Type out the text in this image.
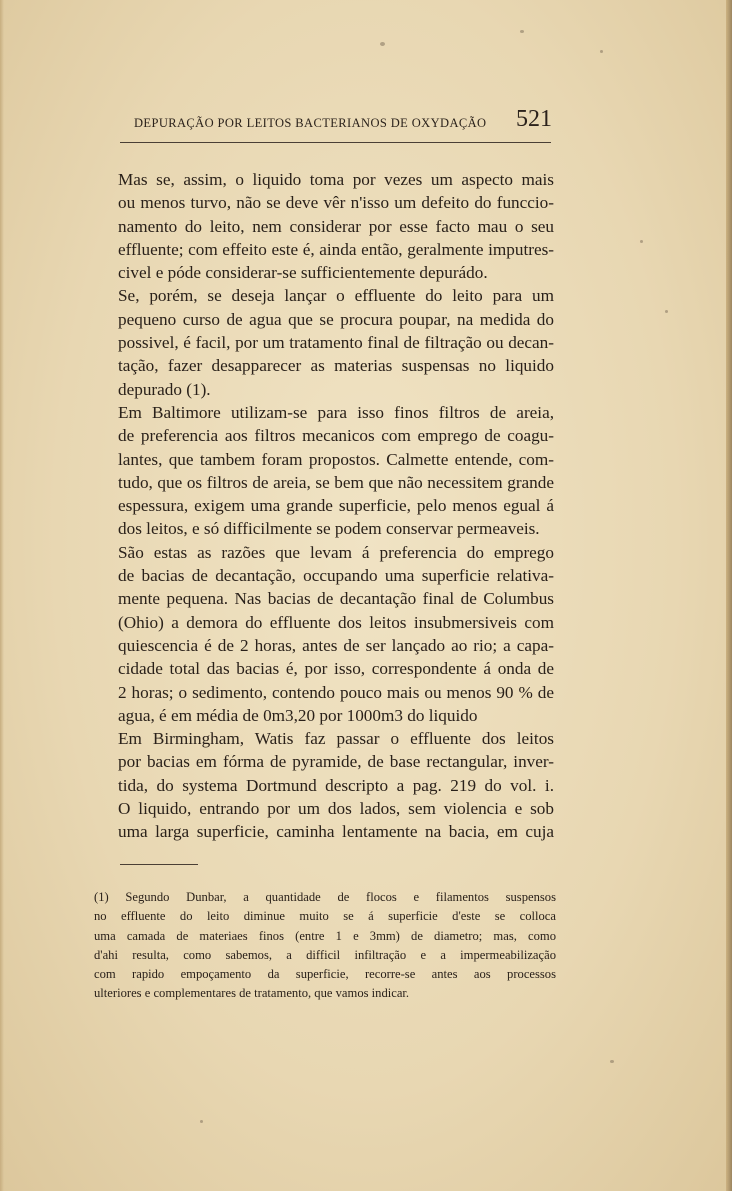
DEPURAÇÃO POR LEITOS BACTERIANOS DE OXYDAÇÃO 521
Mas se, assim, o liquido toma por vezes um aspecto mais
ou menos turvo, não se deve vêr n'isso um defeito do funccio-
namento do leito, nem considerar por esse facto mau o seu
effluente; com effeito este é, ainda então, geralmente imputres-
civel e póde considerar-se sufficientemente depurádo.
Se, porém, se deseja lançar o effluente do leito para um
pequeno curso de agua que se procura poupar, na medida do
possivel, é facil, por um tratamento final de filtração ou decan-
tação, fazer desapparecer as materias suspensas no liquido
depurado (1).
Em Baltimore utilizam-se para isso finos filtros de areia,
de preferencia aos filtros mecanicos com emprego de coagu-
lantes, que tambem foram propostos. Calmette entende, com-
tudo, que os filtros de areia, se bem que não necessitem grande
espessura, exigem uma grande superficie, pelo menos egual á
dos leitos, e só difficilmente se podem conservar permeaveis.
São estas as razões que levam á preferencia do emprego
de bacias de decantação, occupando uma superficie relativa-
mente pequena. Nas bacias de decantação final de Columbus
(Ohio) a demora do effluente dos leitos insubmersiveis com
quiescencia é de 2 horas, antes de ser lançado ao rio; a capa-
cidade total das bacias é, por isso, correspondente á onda de
2 horas; o sedimento, contendo pouco mais ou menos 90 % de
agua, é em média de 0m3,20 por 1000m3 do liquido
Em Birmingham, Watis faz passar o effluente dos leitos
por bacias em fórma de pyramide, de base rectangular, inver-
tida, do systema Dortmund descripto a pag. 219 do vol. i.
O liquido, entrando por um dos lados, sem violencia e sob
uma larga superficie, caminha lentamente na bacia, em cuja
(1) Segundo Dunbar, a quantidade de flocos e filamentos suspensos
no effluente do leito diminue muito se á superficie d'este se colloca
uma camada de materiaes finos (entre 1 e 3mm) de diametro; mas, como
d'ahi resulta, como sabemos, a difficil infiltração e a impermeabilização
com rapido empoçamento da superficie, recorre-se antes aos processos
ulteriores e complementares de tratamento, que vamos indicar.
